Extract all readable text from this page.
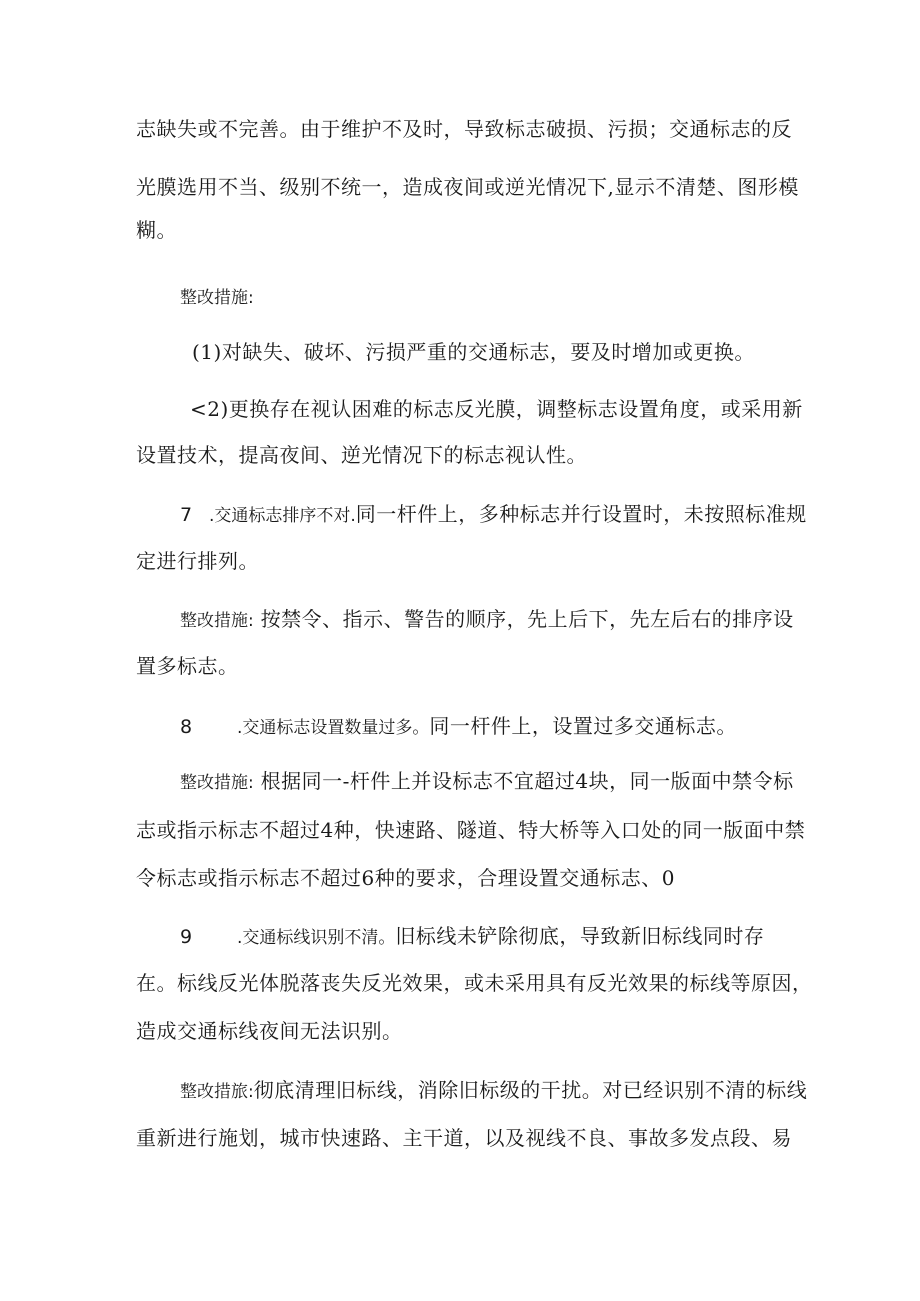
志缺失或不完善。由于维护不及时，导致标志破损、污损；交通标志的反
光膜选用不当、级别不统一，造成夜间或逆光情况下,显示不清楚、图形模
糊。
整改措施:
(1)对缺失、破坏、污损严重的交通标志，要及时增加或更换。
<2)更换存在视认困难的标志反光膜，调整标志设置角度，或采用新
设置技术，提高夜间、逆光情况下的标志视认性。
7 .交通标志排序不对.同一杆件上，多种标志并行设置时，未按照标准规
定进行排列。
整改措施: 按禁令、指示、警告的顺序，先上后下，先左后右的排序设
置多标志。
8	.交通标志设置数量过多。同一杆件上，设置过多交通标志。
整改措施: 根据同一-杆件上并设标志不宜超过4块，同一版面中禁令标
志或指示标志不超过4种，快速路、隧道、特大桥等入口处的同一版面中禁
令标志或指示标志不超过6种的要求，合理设置交通标志、0
9	.交通标线识别不清。旧标线未铲除彻底，导致新旧标线同时存
在。标线反光体脱落丧失反光效果，或未采用具有反光效果的标线等原因，
造成交通标线夜间无法识别。
整改措旅:彻底清理旧标线，消除旧标级的干扰。对已经识别不清的标线
重新进行施划，城市快速路、主干道，以及视线不良、事故多发点段、易
